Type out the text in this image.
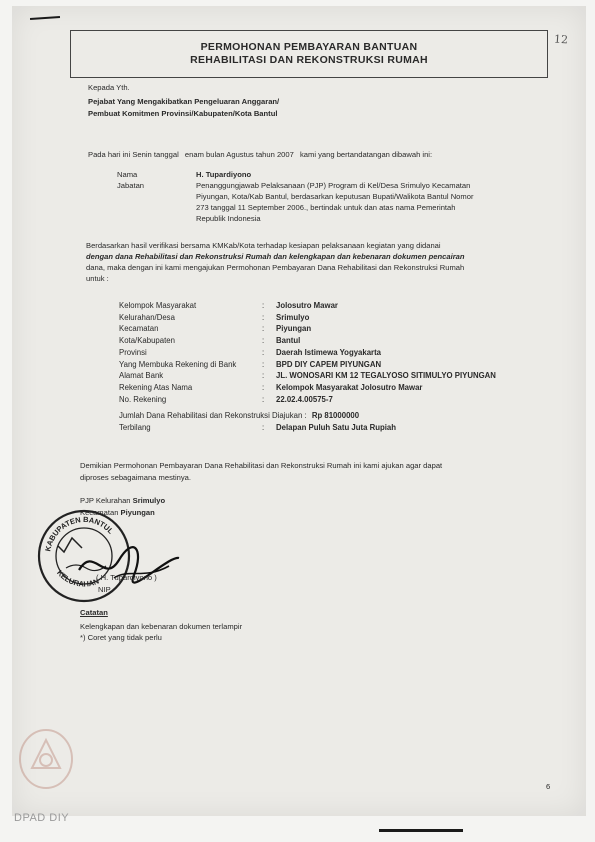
12
PERMOHONAN PEMBAYARAN BANTUAN
REHABILITASI DAN REKONSTRUKSI RUMAH
Kepada Yth.
Pejabat Yang Mengakibatkan Pengeluaran Anggaran/
Pembuat Komitmen Provinsi/Kabupaten/Kota Bantul
Pada hari ini Senin tanggal enam bulan Agustus tahun 2007 kami yang bertandatangan dibawah ini:
Nama	H. Tupardiyono
Jabatan	Penanggungjawab Pelaksanaan (PJP) Program di Kel/Desa Srimulyo Kecamatan
Piyungan, Kota/Kab Bantul, berdasarkan keputusan Bupati/Walikota Bantul Nomor
273 tanggal 11 September 2006., bertindak untuk dan atas nama Pemerintah
Republik Indonesia
Berdasarkan hasil verifikasi bersama KMKab/Kota terhadap kesiapan pelaksanaan kegiatan yang didanai
dengan dana Rehabilitasi dan Rekonstruksi Rumah dan kelengkapan dan kebenaran dokumen pencairan
dana, maka dengan ini kami mengajukan Permohonan Pembayaran Dana Rehabilitasi dan Rekonstruksi Rumah
untuk :
Kelompok Masyarakat	: Jolosutro Mawar
Kelurahan/Desa	: Srimulyo
Kecamatan	: Piyungan
Kota/Kabupaten	: Bantul
Provinsi	: Daerah Istimewa Yogyakarta
Yang Membuka Rekening di Bank	: BPD DIY CAPEM PIYUNGAN
Alamat Bank	: JL. WONOSARI KM 12 TEGALYOSO SITIMULYO PIYUNGAN
Rekening Atas Nama	: Kelompok Masyarakat Jolosutro Mawar
No. Rekening	: 22.02.4.00575-7
Jumlah Dana Rehabilitasi dan Rekonstruksi Diajukan : Rp 81000000
Terbilang	: Delapan Puluh Satu Juta Rupiah
Demikian Permohonan Pembayaran Dana Rehabilitasi dan Rekonstruksi Rumah ini kami ajukan agar dapat
diproses sebagaimana mestinya.
PJP Kelurahan Srimulyo
Kecamatan Piyungan
KABUPATEN BANTUL
KELURAHAN
( H. Tupardiyono )
NIP
Catatan
Kelengkapan dan kebenaran dokumen terlampir
*) Coret yang tidak perlu
6
DPAD DIY
